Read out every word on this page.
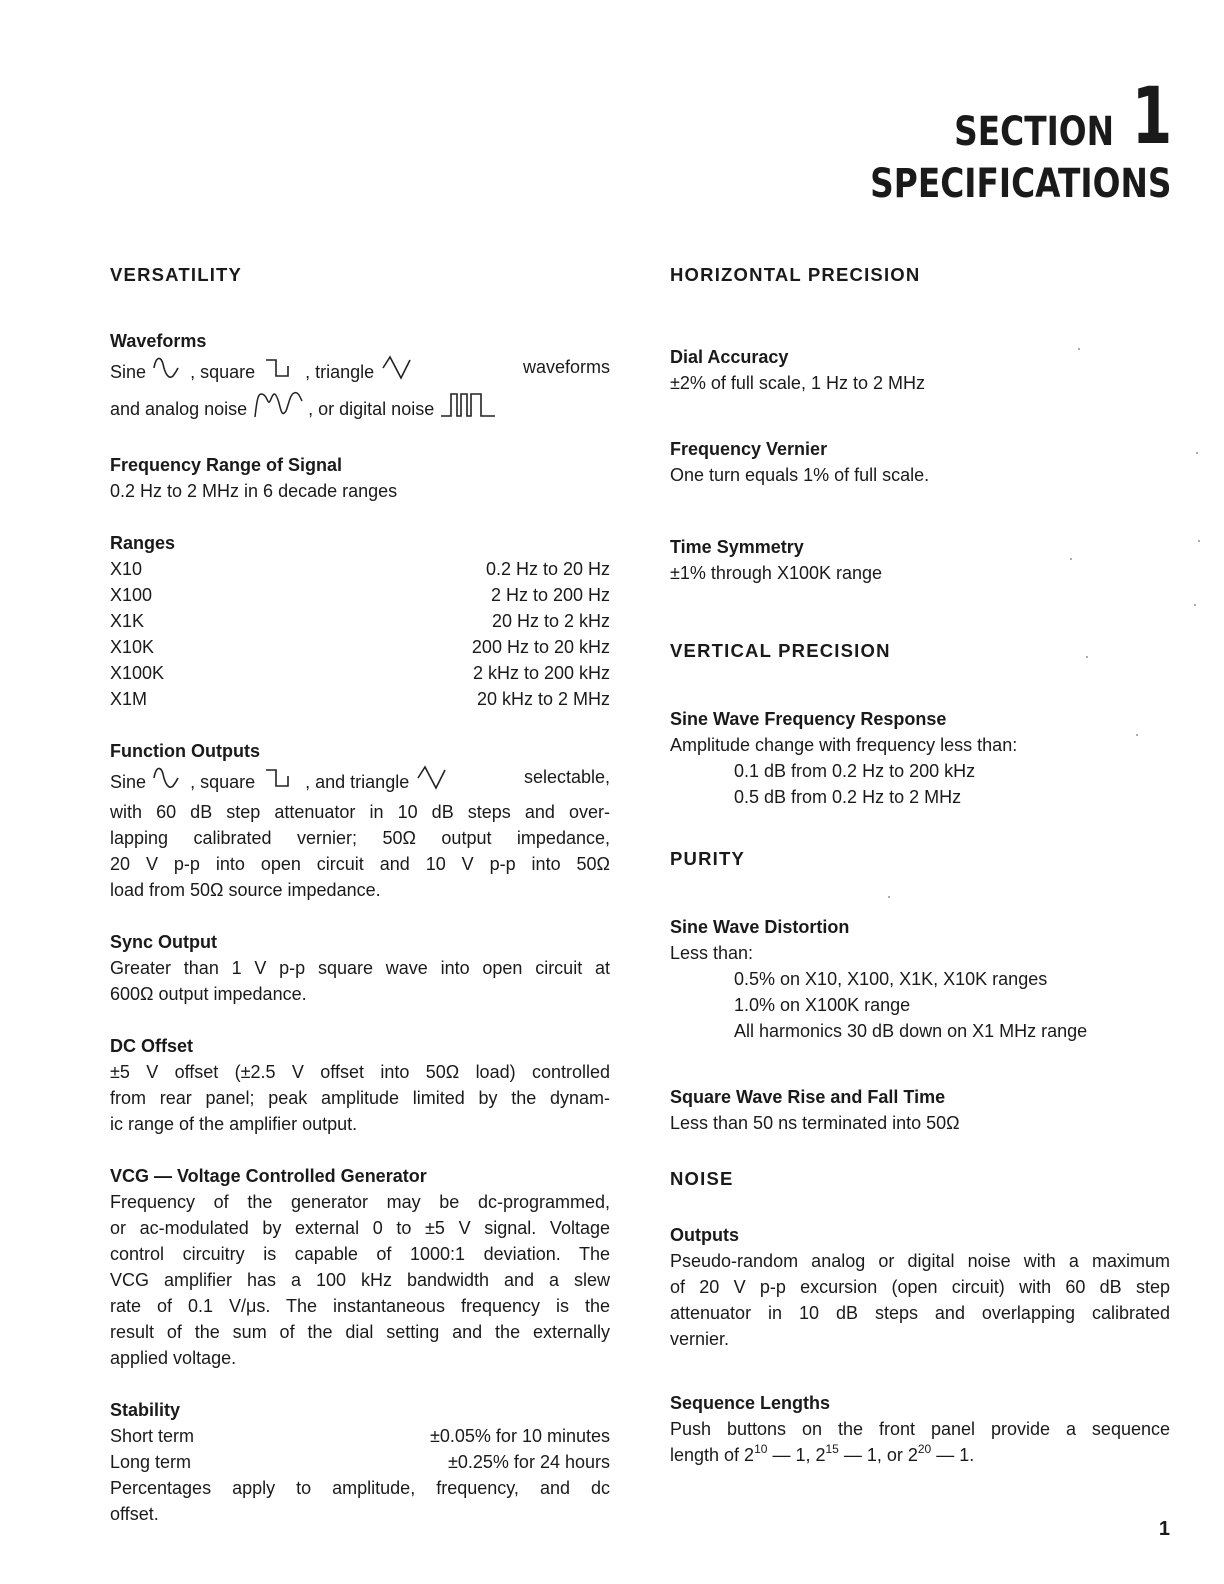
SECTION 1
SPECIFICATIONS
VERSATILITY
Waveforms
Sine , square	, triangle	waveforms
and analog noise	, or digital noise
Frequency Range of Signal

0.2 Hz to 2 MHz in 6 decade ranges

Ranges
X10	0.2 Hz to 20 Hz
X100	2 Hz to 200 Hz
X1K	20 Hz to 2 kHz
X10K	200 Hz to 20 kHz
X100K	2 kHz to 200 kHz
X1M	20 kHz to 2 MHz
Function Outputs
Sine , square	, and triangle	selectable,

with 60 dB step attenuator in 10 dB steps and over-

lapping calibrated vernier; 50Ω output impedance,

20 V p-p into open circuit and 10 V p-p into 50Ω

load from 50Ω source impedance.

Sync Output

Greater than 1 V p-p square wave into open circuit at

600Ω output impedance.

DC Offset

±5 V offset (±2.5 V offset into 50Ω load) controlled

from rear panel; peak amplitude limited by the dynam-

ic range of the amplifier output.

VCG — Voltage Controlled Generator

Frequency of the generator may be dc-programmed,

or ac-modulated by external 0 to ±5 V signal. Voltage

control circuitry is capable of 1000:1 deviation. The

VCG amplifier has a 100 kHz bandwidth and a slew

rate of 0.1 V/μs. The instantaneous frequency is the

result of the sum of the dial setting and the externally

applied voltage.

Stability
Short term	±0.05% for 10 minutes
Long term	±0.25% for 24 hours

Percentages apply to amplitude, frequency, and dc

offset.

HORIZONTAL PRECISION
Dial Accuracy

±2% of full scale, 1 Hz to 2 MHz

Frequency Vernier

One turn equals 1% of full scale.

Time Symmetry

±1% through X100K range

VERTICAL PRECISION
Sine Wave Frequency Response

Amplitude change with frequency less than:

0.1 dB from 0.2 Hz to 200 kHz

0.5 dB from 0.2 Hz to 2 MHz

PURITY
Sine Wave Distortion

Less than:

0.5% on X10, X100, X1K, X10K ranges

1.0% on X100K range

All harmonics 30 dB down on X1 MHz range

Square Wave Rise and Fall Time

Less than 50 ns terminated into 50Ω

NOISE
Outputs

Pseudo-random analog or digital noise with a maximum

of 20 V p-p excursion (open circuit) with 60 dB step

attenuator in 10 dB steps and overlapping calibrated

vernier.

Sequence Lengths

Push buttons on the front panel provide a sequence

length of $2^{10}$ — 1, $2^{15}$ — 1, or $2^{20}$ — 1.

1
